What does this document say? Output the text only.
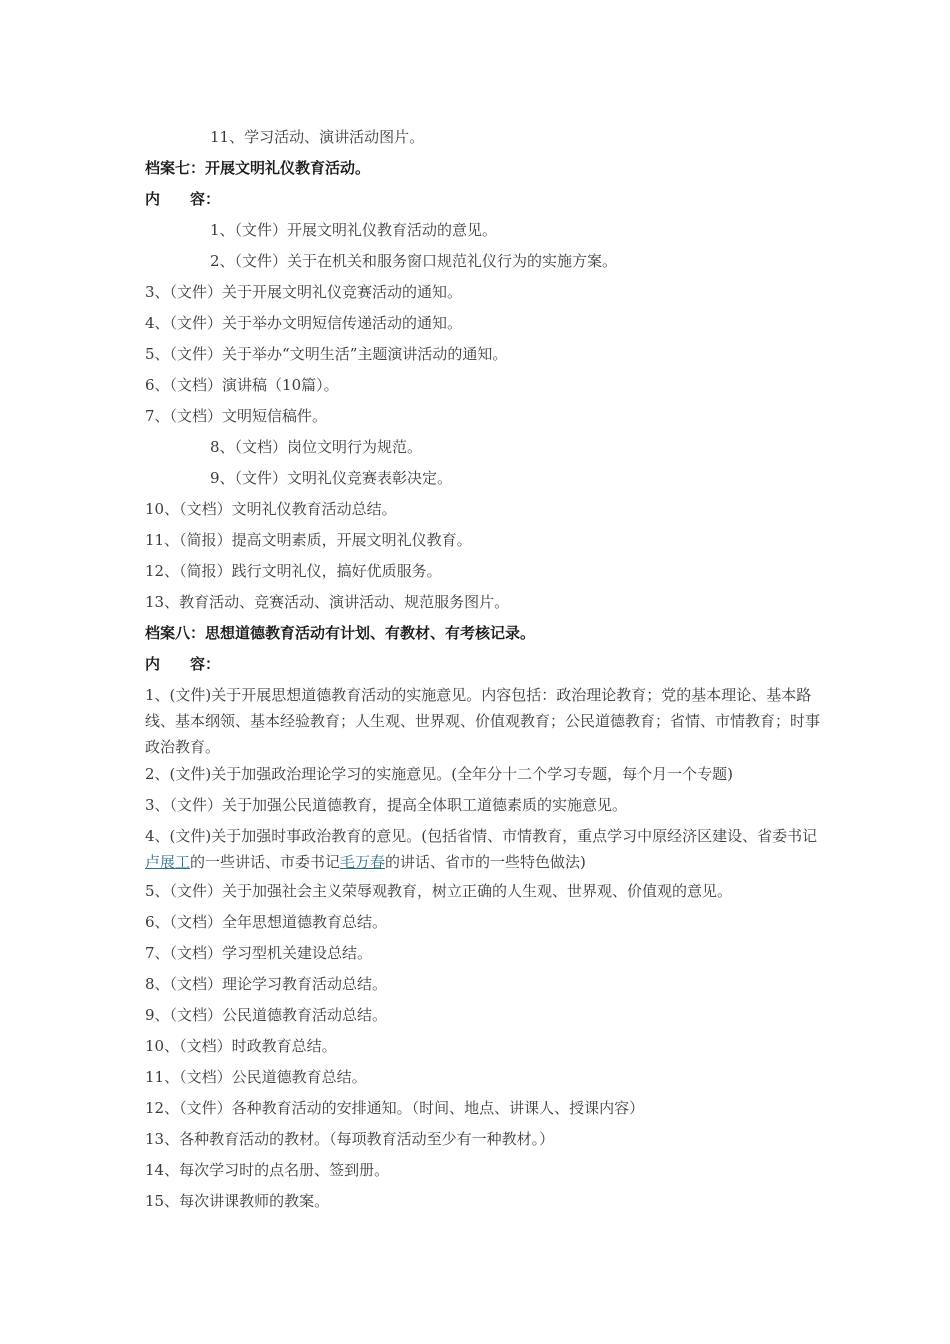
11、学习活动、演讲活动图片。
档案七：开展文明礼仪教育活动。
内　　容：
1、（文件）开展文明礼仪教育活动的意见。
2、（文件）关于在机关和服务窗口规范礼仪行为的实施方案。
3、（文件）关于开展文明礼仪竞赛活动的通知。
4、（文件）关于举办文明短信传递活动的通知。
5、（文件）关于举办“文明生活”主题演讲活动的通知。
6、（文档）演讲稿（10篇）。
7、（文档）文明短信稿件。
8、（文档）岗位文明行为规范。
9、（文件）文明礼仪竞赛表彰决定。
10、（文档）文明礼仪教育活动总结。
11、（简报）提高文明素质，开展文明礼仪教育。
12、（简报）践行文明礼仪，搞好优质服务。
13、教育活动、竞赛活动、演讲活动、规范服务图片。
档案八：思想道德教育活动有计划、有教材、有考核记录。
内　　容：
1、(文件)关于开展思想道德教育活动的实施意见。内容包括：政治理论教育；党的基本理论、基本路线、基本纲领、基本经验教育；人生观、世界观、价值观教育；公民道德教育；省情、市情教育；时事政治教育。
2、(文件)关于加强政治理论学习的实施意见。(全年分十二个学习专题，每个月一个专题)
3、（文件）关于加强公民道德教育，提高全体职工道德素质的实施意见。
4、(文件)关于加强时事政治教育的意见。(包括省情、市情教育，重点学习中原经济区建设、省委书记卢展工的一些讲话、市委书记毛万春的讲话、省市的一些特色做法)
5、（文件）关于加强社会主义荣辱观教育，树立正确的人生观、世界观、价值观的意见。
6、（文档）全年思想道德教育总结。
7、（文档）学习型机关建设总结。
8、（文档）理论学习教育活动总结。
9、（文档）公民道德教育活动总结。
10、（文档）时政教育总结。
11、（文档）公民道德教育总结。
12、（文件）各种教育活动的安排通知。（时间、地点、讲课人、授课内容）
13、各种教育活动的教材。（每项教育活动至少有一种教材。）
14、每次学习时的点名册、签到册。
15、每次讲课教师的教案。
